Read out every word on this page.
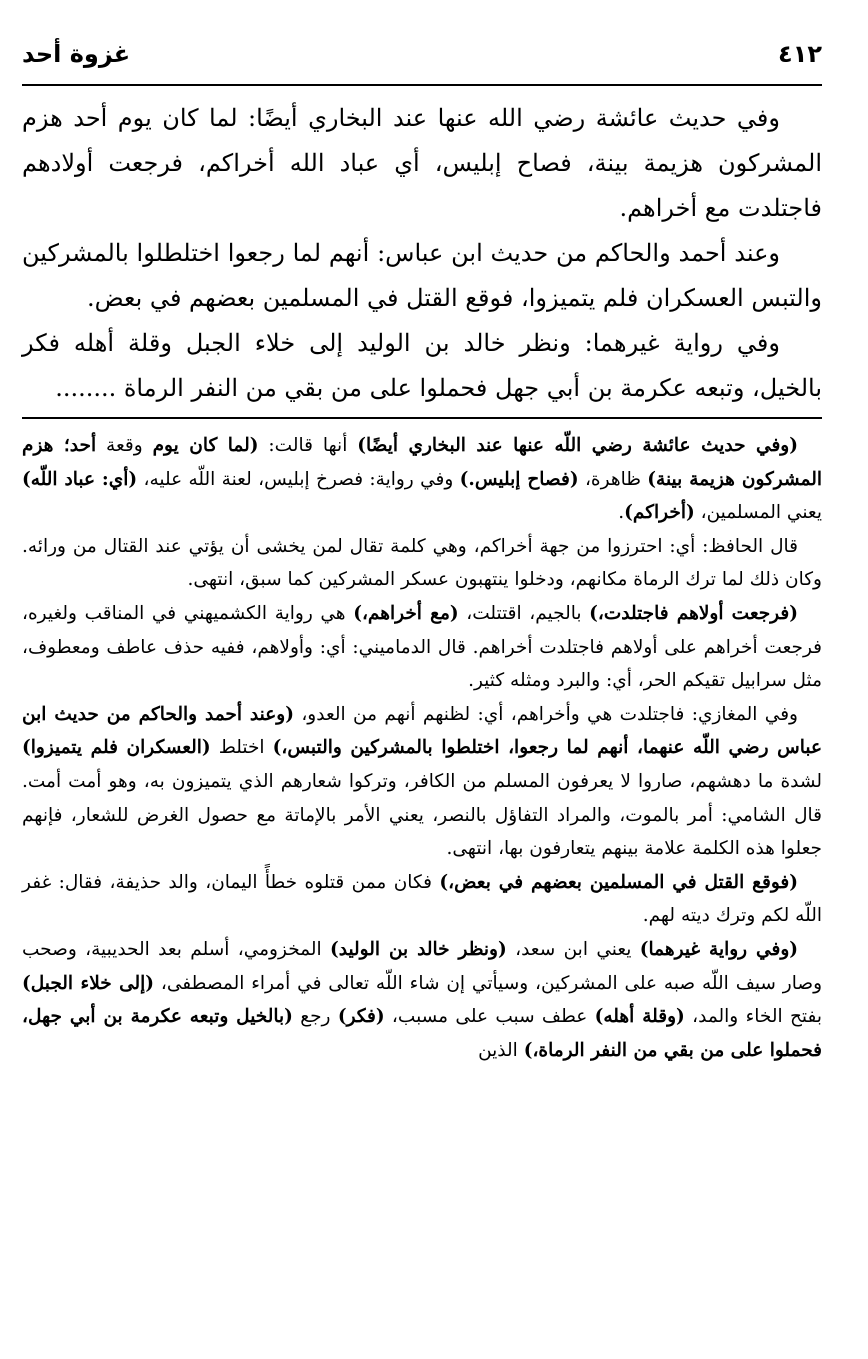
٤١٢
غزوة أحد

وفي حديث عائشة رضي الله عنها عند البخاري أيضًا: لما كان يوم أحد هزم المشركون هزيمة بينة، فصاح إبليس، أي عباد الله أخراكم، فرجعت أولادهم فاجتلدت مع أخراهم.

وعند أحمد والحاكم من حديث ابن عباس: أنهم لما رجعوا اختلطلوا بالمشركين والتبس العسكران فلم يتميزوا، فوقع القتل في المسلمين بعضهم في بعض.

وفي رواية غيرهما: ونظر خالد بن الوليد إلى خلاء الجبل وقلة أهله فكر بالخيل، وتبعه عكرمة بن أبي جهل فحملوا على من بقي من النفر الرماة ........

(وفي حديث عائشة رضي اللّه عنها عند البخاري أيضًا) أنها قالت: (لما كان يوم وقعة أحد؛ هزم المشركون هزيمة بينة) ظاهرة، (فصاح إبليس.) وفي رواية: فصرخ إبليس، لعنة اللّه عليه، (أي: عباد اللّه) يعني المسلمين، (أخراكم).

قال الحافظ: أي: احترزوا من جهة أخراكم، وهي كلمة تقال لمن يخشى أن يؤتي عند القتال من ورائه. وكان ذلك لما ترك الرماة مكانهم، ودخلوا ينتهبون عسكر المشركين كما سبق، انتهى.

(فرجعت أولاهم فاجتلدت،) بالجيم، اقتتلت، (مع أخراهم،) هي رواية الكشميهني في المناقب ولغيره، فرجعت أخراهم على أولاهم فاجتلدت أخراهم. قال الدماميني: أي: وأولاهم، ففيه حذف عاطف ومعطوف، مثل سرابيل تقيكم الحر، أي: والبرد ومثله كثير.

وفي المغازي: فاجتلدت هي وأخراهم، أي: لظنهم أنهم من العدو، (وعند أحمد والحاكم من حديث ابن عباس رضي اللّه عنهما، أنهم لما رجعوا، اختلطوا بالمشركين والتبس،) اختلط (العسكران فلم يتميزوا) لشدة ما دهشهم، صاروا لا يعرفون المسلم من الكافر، وتركوا شعارهم الذي يتميزون به، وهو أمت أمت. قال الشامي: أمر بالموت، والمراد التفاؤل بالنصر، يعني الأمر بالإماتة مع حصول الغرض للشعار، فإنهم جعلوا هذه الكلمة علامة بينهم يتعارفون بها، انتهى.

(فوقع القتل في المسلمين بعضهم في بعض،) فكان ممن قتلوه خطأً اليمان، والد حذيفة، فقال: غفر اللّه لكم وترك ديته لهم.

(وفي رواية غيرهما) يعني ابن سعد، (ونظر خالد بن الوليد) المخزومي، أسلم بعد الحديبية، وصحب وصار سيف اللّه صبه على المشركين، وسيأتي إن شاء اللّه تعالى في أمراء المصطفى، (إلى خلاء الجبل) بفتح الخاء والمد، (وقلة أهله) عطف سبب على مسبب، (فكر) رجع (بالخيل وتبعه عكرمة بن أبي جهل، فحملوا على من بقي من النفر الرماة،) الذين
